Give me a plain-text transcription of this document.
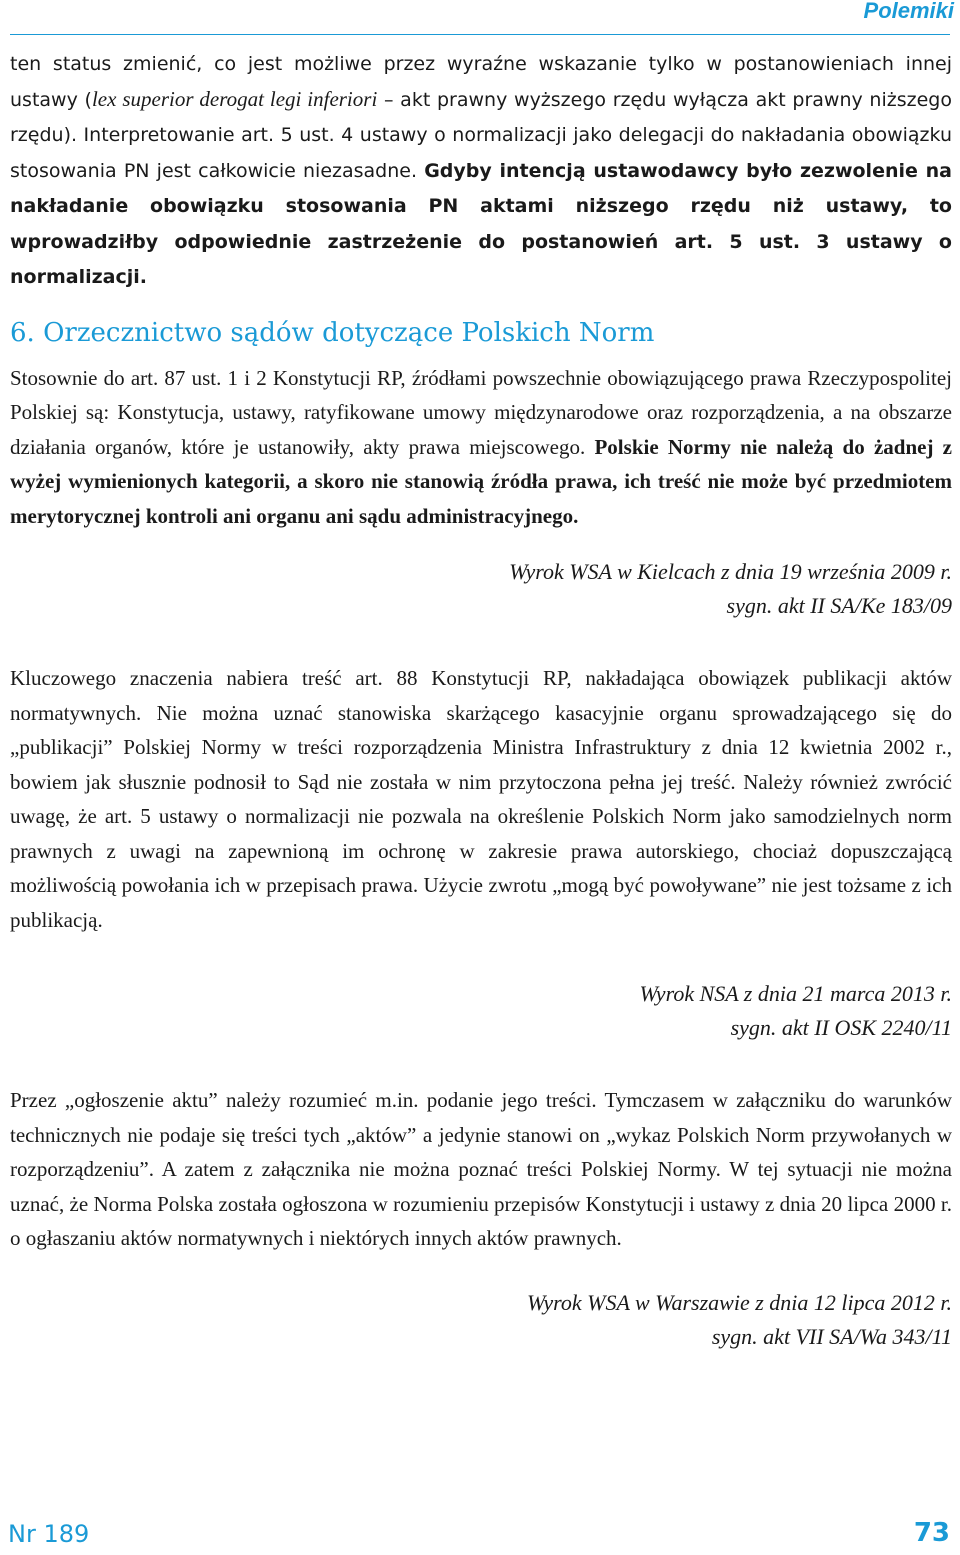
Polemiki

ten status zmienić, co jest możliwe przez wyraźne wskazanie tylko w postanowieniach innej ustawy (lex superior derogat legi inferiori – akt prawny wyższego rzędu wyłącza akt prawny niższego rzędu). Interpretowanie art. 5 ust. 4 ustawy o normalizacji jako delegacji do nakładania obowiązku stosowania PN jest całkowicie niezasadne. Gdyby intencją ustawodawcy było zezwolenie na nakładanie obowiązku stosowania PN aktami niższego rzędu niż ustawy, to wprowadziłby odpowiednie zastrzeżenie do postanowień art. 5 ust. 3 ustawy o normalizacji.

6. Orzecznictwo sądów dotyczące Polskich Norm

Stosownie do art. 87 ust. 1 i 2 Konstytucji RP, źródłami powszechnie obowiązującego prawa Rzeczypospolitej Polskiej są: Konstytucja, ustawy, ratyfikowane umowy międzynarodowe oraz rozporządzenia, a na obszarze działania organów, które je ustanowiły, akty prawa miejscowego. Polskie Normy nie należą do żadnej z wyżej wymienionych kategorii, a skoro nie stanowią źródła prawa, ich treść nie może być przedmiotem merytorycznej kontroli ani organu ani sądu administracyjnego.

Wyrok WSA w Kielcach z dnia 19 września 2009 r.

sygn. akt II SA/Ke 183/09

Kluczowego znaczenia nabiera treść art. 88 Konstytucji RP, nakładająca obowiązek publikacji aktów normatywnych. Nie można uznać stanowiska skarżącego kasacyjnie organu sprowadzającego się do „publikacji” Polskiej Normy w treści rozporządzenia Ministra Infrastruktury z dnia 12 kwietnia 2002 r., bowiem jak słusznie podnosił to Sąd nie została w nim przytoczona pełna jej treść. Należy również zwrócić uwagę, że art. 5 ustawy o normalizacji nie pozwala na określenie Polskich Norm jako samodzielnych norm prawnych z uwagi na zapewnioną im ochronę w zakresie prawa autorskiego, chociaż dopuszczającą możliwością powołania ich w przepisach prawa. Użycie zwrotu „mogą być powoływane” nie jest tożsame z ich publikacją.

Wyrok NSA z dnia 21 marca 2013 r.

sygn. akt II OSK 2240/11

Przez „ogłoszenie aktu” należy rozumieć m.in. podanie jego treści. Tymczasem w załączniku do warunków technicznych nie podaje się treści tych „aktów” a jedynie stanowi on „wykaz Polskich Norm przywołanych w rozporządzeniu”. A zatem z załącznika nie można poznać treści Polskiej Normy. W tej sytuacji nie można uznać, że Norma Polska została ogłoszona w rozumieniu przepisów Konstytucji i ustawy z dnia 20 lipca 2000 r. o ogłaszaniu aktów normatywnych i niektórych innych aktów prawnych.

Wyrok WSA w Warszawie z dnia 12 lipca 2012 r.

sygn. akt VII SA/Wa 343/11

Nr 189	73
